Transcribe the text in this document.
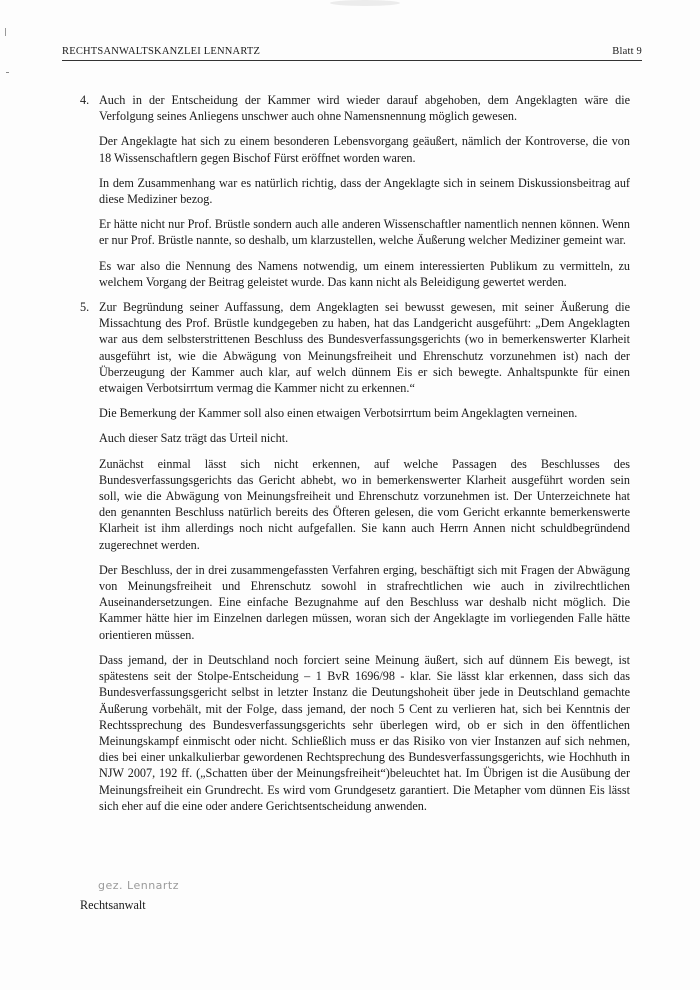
RECHTSANWALTSKANZLEI LENNARTZ	Blatt 9
4. Auch in der Entscheidung der Kammer wird wieder darauf abgehoben, dem Angeklagten wäre die Verfolgung seines Anliegens unschwer auch ohne Namensnennung möglich gewesen.

Der Angeklagte hat sich zu einem besonderen Lebensvorgang geäußert, nämlich der Kontroverse, die von 18 Wissenschaftlern gegen Bischof Fürst eröffnet worden waren.

In dem Zusammenhang war es natürlich richtig, dass der Angeklagte sich in seinem Diskussionsbeitrag auf diese Mediziner bezog.

Er hätte nicht nur Prof. Brüstle sondern auch alle anderen Wissenschaftler namentlich nennen können. Wenn er nur Prof. Brüstle nannte, so deshalb, um klarzustellen, welche Äußerung welcher Mediziner gemeint war.

Es war also die Nennung des Namens notwendig, um einem interessierten Publikum zu vermitteln, zu welchem Vorgang der Beitrag geleistet wurde. Das kann nicht als Beleidigung gewertet werden.

5. Zur Begründung seiner Auffassung, dem Angeklagten sei bewusst gewesen, mit seiner Äußerung die Missachtung des Prof. Brüstle kundgegeben zu haben, hat das Landgericht ausgeführt: „Dem Angeklagten war aus dem selbsterstrittenen Beschluss des Bundesverfassungsgerichts (wo in bemerkenswerter Klarheit ausgeführt ist, wie die Abwägung von Meinungsfreiheit und Ehrenschutz vorzunehmen ist) nach der Überzeugung der Kammer auch klar, auf welch dünnem Eis er sich bewegte. Anhaltspunkte für einen etwaigen Verbotsirrtum vermag die Kammer nicht zu erkennen.“

Die Bemerkung der Kammer soll also einen etwaigen Verbotsirrtum beim Angeklagten verneinen.

Auch dieser Satz trägt das Urteil nicht.

Zunächst einmal lässt sich nicht erkennen, auf welche Passagen des Beschlusses des Bundesverfassungsgerichts das Gericht abhebt, wo in bemerkenswerter Klarheit ausgeführt worden sein soll, wie die Abwägung von Meinungsfreiheit und Ehrenschutz vorzunehmen ist. Der Unterzeichnete hat den genannten Beschluss natürlich bereits des Öfteren gelesen, die vom Gericht erkannte bemerkenswerte Klarheit ist ihm allerdings noch nicht aufgefallen. Sie kann auch Herrn Annen nicht schuldbegründend zugerechnet werden.

Der Beschluss, der in drei zusammengefassten Verfahren erging, beschäftigt sich mit Fragen der Abwägung von Meinungsfreiheit und Ehrenschutz sowohl in strafrechtlichen wie auch in zivilrechtlichen Auseinandersetzungen. Eine einfache Bezugnahme auf den Beschluss war deshalb nicht möglich. Die Kammer hätte hier im Einzelnen darlegen müssen, woran sich der Angeklagte im vorliegenden Falle hätte orientieren müssen.

Dass jemand, der in Deutschland noch forciert seine Meinung äußert, sich auf dünnem Eis bewegt, ist spätestens seit der Stolpe-Entscheidung – 1 BvR 1696/98 - klar. Sie lässt klar erkennen, dass sich das Bundesverfassungsgericht selbst in letzter Instanz die Deutungshoheit über jede in Deutschland gemachte Äußerung vorbehält, mit der Folge, dass jemand, der noch 5 Cent zu verlieren hat, sich bei Kenntnis der Rechtssprechung des Bundesverfassungsgerichts sehr überlegen wird, ob er sich in den öffentlichen Meinungskampf einmischt oder nicht. Schließlich muss er das Risiko von vier Instanzen auf sich nehmen, dies bei einer unkalkulierbar gewordenen Rechtsprechung des Bundesverfassungsgerichts, wie Hochhuth in NJW 2007, 192 ff. („Schatten über der Meinungsfreiheit“)beleuchtet hat. Im Übrigen ist die Ausübung der Meinungsfreiheit ein Grundrecht. Es wird vom Grundgesetz garantiert. Die Metapher vom dünnen Eis lässt sich eher auf die eine oder andere Gerichtsentscheidung anwenden.

gez. Lennartz
Rechtsanwalt
